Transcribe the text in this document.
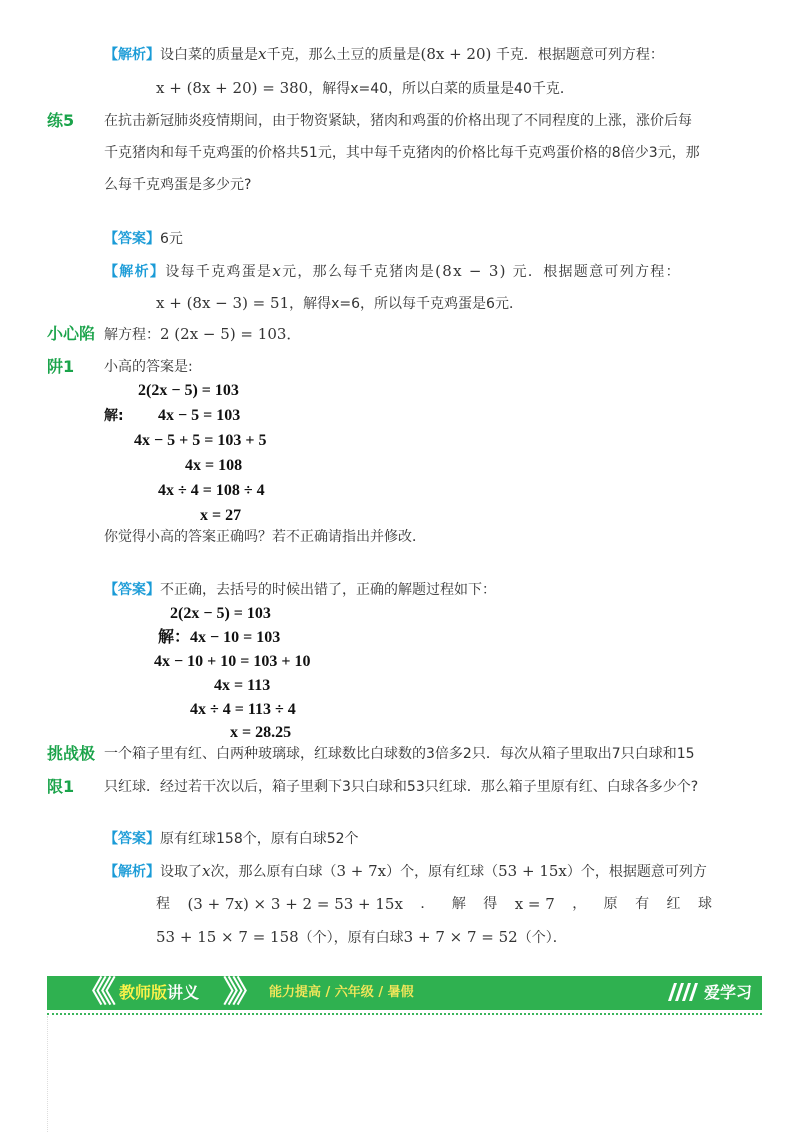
【解析】设白菜的质量是x千克，那么土豆的质量是(8x + 20) 千克．根据题意可列方程：
x + (8x + 20) = 380，解得x=40，所以白菜的质量是40千克．
练5 在抗击新冠肺炎疫情期间，由于物资紧缺，猪肉和鸡蛋的价格出现了不同程度的上涨，涨价后每
千克猪肉和每千克鸡蛋的价格共51元，其中每千克猪肉的价格比每千克鸡蛋价格的8倍少3元，那
么每千克鸡蛋是多少元?
【答案】6元
【解析】设每千克鸡蛋是x元，那么每千克猪肉是(8x − 3) 元．根据题意可列方程：
x + (8x − 3) = 51，解得x=6，所以每千克鸡蛋是6元．
小心陷
阱1
解方程：2 (2x − 5) = 103．
小高的答案是:
2(2x − 5) = 103
解: 4x − 5 = 103
4x − 5 + 5 = 103 + 5
4x = 108
4x ÷ 4 = 108 ÷ 4
x = 27
你觉得小高的答案正确吗？若不正确请指出并修改．
【答案】不正确，去括号的时候出错了，正确的解题过程如下：
2(2x − 5) = 103
解：4x − 10 = 103
4x − 10 + 10 = 103 + 10
4x = 113
4x ÷ 4 = 113 ÷ 4
x = 28.25
挑战极
限1
一个箱子里有红、白两种玻璃球，红球数比白球数的3倍多2只．每次从箱子里取出7只白球和15
只红球．经过若干次以后，箱子里剩下3只白球和53只红球．那么箱子里原有红、白球各多少个?
【答案】原有红球158个，原有白球52个
【解析】设取了x次，那么原有白球（3 + 7x）个，原有红球（53 + 15x）个，根据题意可列方
程 (3 + 7x) × 3 + 2 = 53 + 15x ． 解 得 x = 7 ， 原 有 红 球
53 + 15 × 7 = 158（个），原有白球3 + 7 × 7 = 52（个）．
《《 教师版讲义 》》 能力提高 / 六年级 / 暑假	爱学习
